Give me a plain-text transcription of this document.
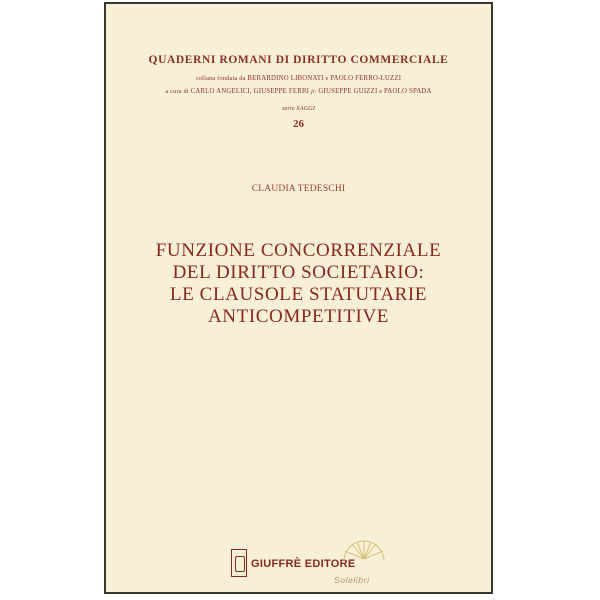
QUADERNI ROMANI DI DIRITTO COMMERCIALE
collana fondata da BERARDINO LIBONATI e PAOLO FERRO-LUZZI
a cura di CARLO ANGELICI, GIUSEPPE FERRI jr. GIUSEPPE GUIZZI e PAOLO SPADA
serie SAGGI
26
CLAUDIA TEDESCHI
FUNZIONE CONCORRENZIALE
DEL DIRITTO SOCIETARIO:
LE CLAUSOLE STATUTARIE
ANTICOMPETITIVE
GIUFFRÈ EDITORE
Solelibri
